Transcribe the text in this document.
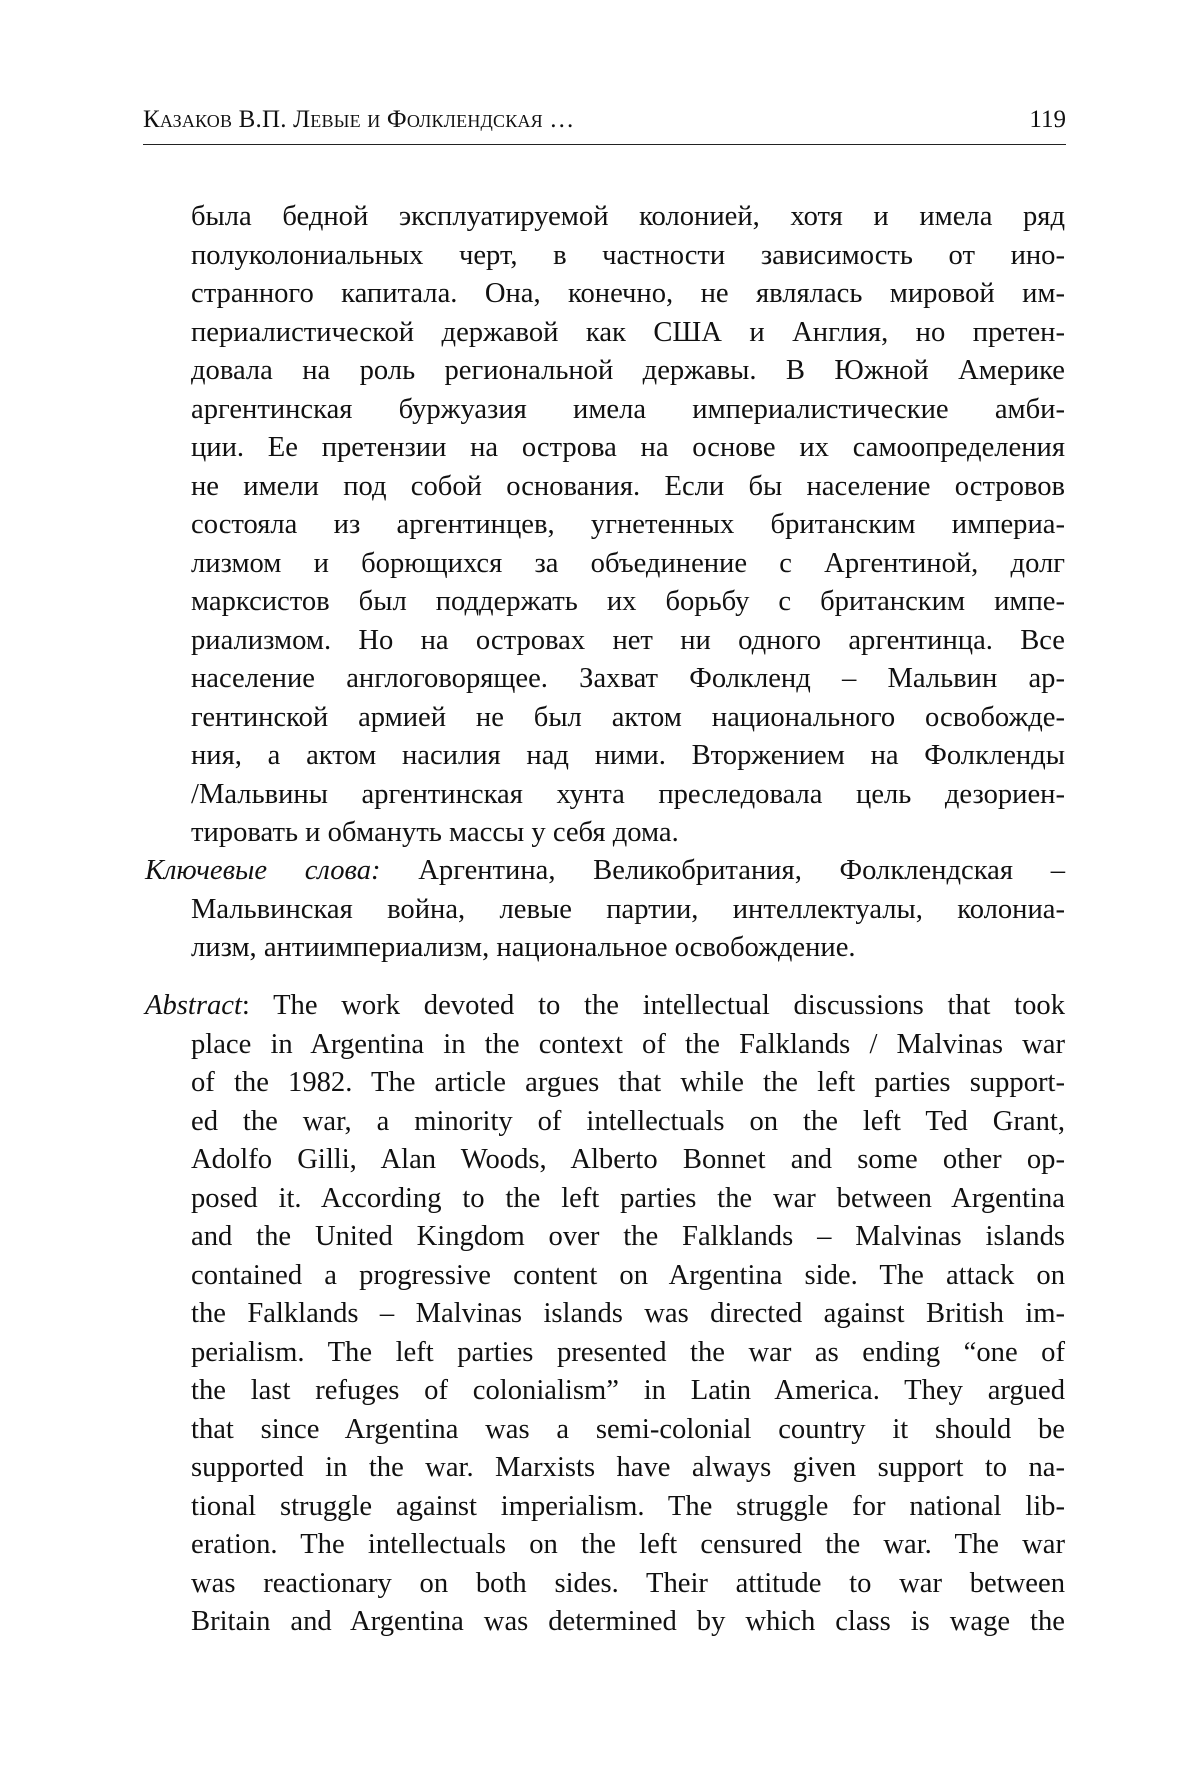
Казаков В.П. Левые и Фолклендская …	119
была бедной эксплуатируемой колонией, хотя и имела ряд
полуколониальных черт, в частности зависимость от ино-
странного капитала. Она, конечно, не являлась мировой им-
периалистической державой как США и Англия, но претен-
довала на роль региональной державы. В Южной Америке
аргентинская буржуазия имела империалистические амби-
ции. Ее претензии на острова на основе их самоопределения
не имели под собой основания. Если бы население островов
состояла из аргентинцев, угнетенных британским империа-
лизмом и борющихся за объединение с Аргентиной, долг
марксистов был поддержать их борьбу с британским импе-
риализмом. Но на островах нет ни одного аргентинца. Все
население англоговорящее. Захват Фолкленд – Мальвин ар-
гентинской армией не был актом национального освобожде-
ния, а актом насилия над ними. Вторжением на Фолкленды
/Мальвины аргентинская хунта преследовала цель дезориен-
тировать и обмануть массы у себя дома.
Ключевые слова: Аргентина, Великобритания, Фолклендская –
Мальвинская война, левые партии, интеллектуалы, колониа-
лизм, антиимпериализм, национальное освобождение.
Abstract: The work devoted to the intellectual discussions that took
place in Argentina in the context of the Falklands / Malvinas war
of the 1982. The article argues that while the left parties support-
ed the war, a minority of intellectuals on the left Ted Grant,
Adolfo Gilli, Alan Woods, Alberto Bonnet and some other op-
posed it. According to the left parties the war between Argentina
and the United Kingdom over the Falklands – Malvinas islands
contained a progressive content on Argentina side. The attack on
the Falklands – Malvinas islands was directed against British im-
perialism. The left parties presented the war as ending “one of
the last refuges of colonialism” in Latin America. They argued
that since Argentina was a semi-colonial country it should be
supported in the war. Marxists have always given support to na-
tional struggle against imperialism. The struggle for national lib-
eration. The intellectuals on the left censured the war. The war
was reactionary on both sides. Their attitude to war between
Britain and Argentina was determined by which class is wage the
